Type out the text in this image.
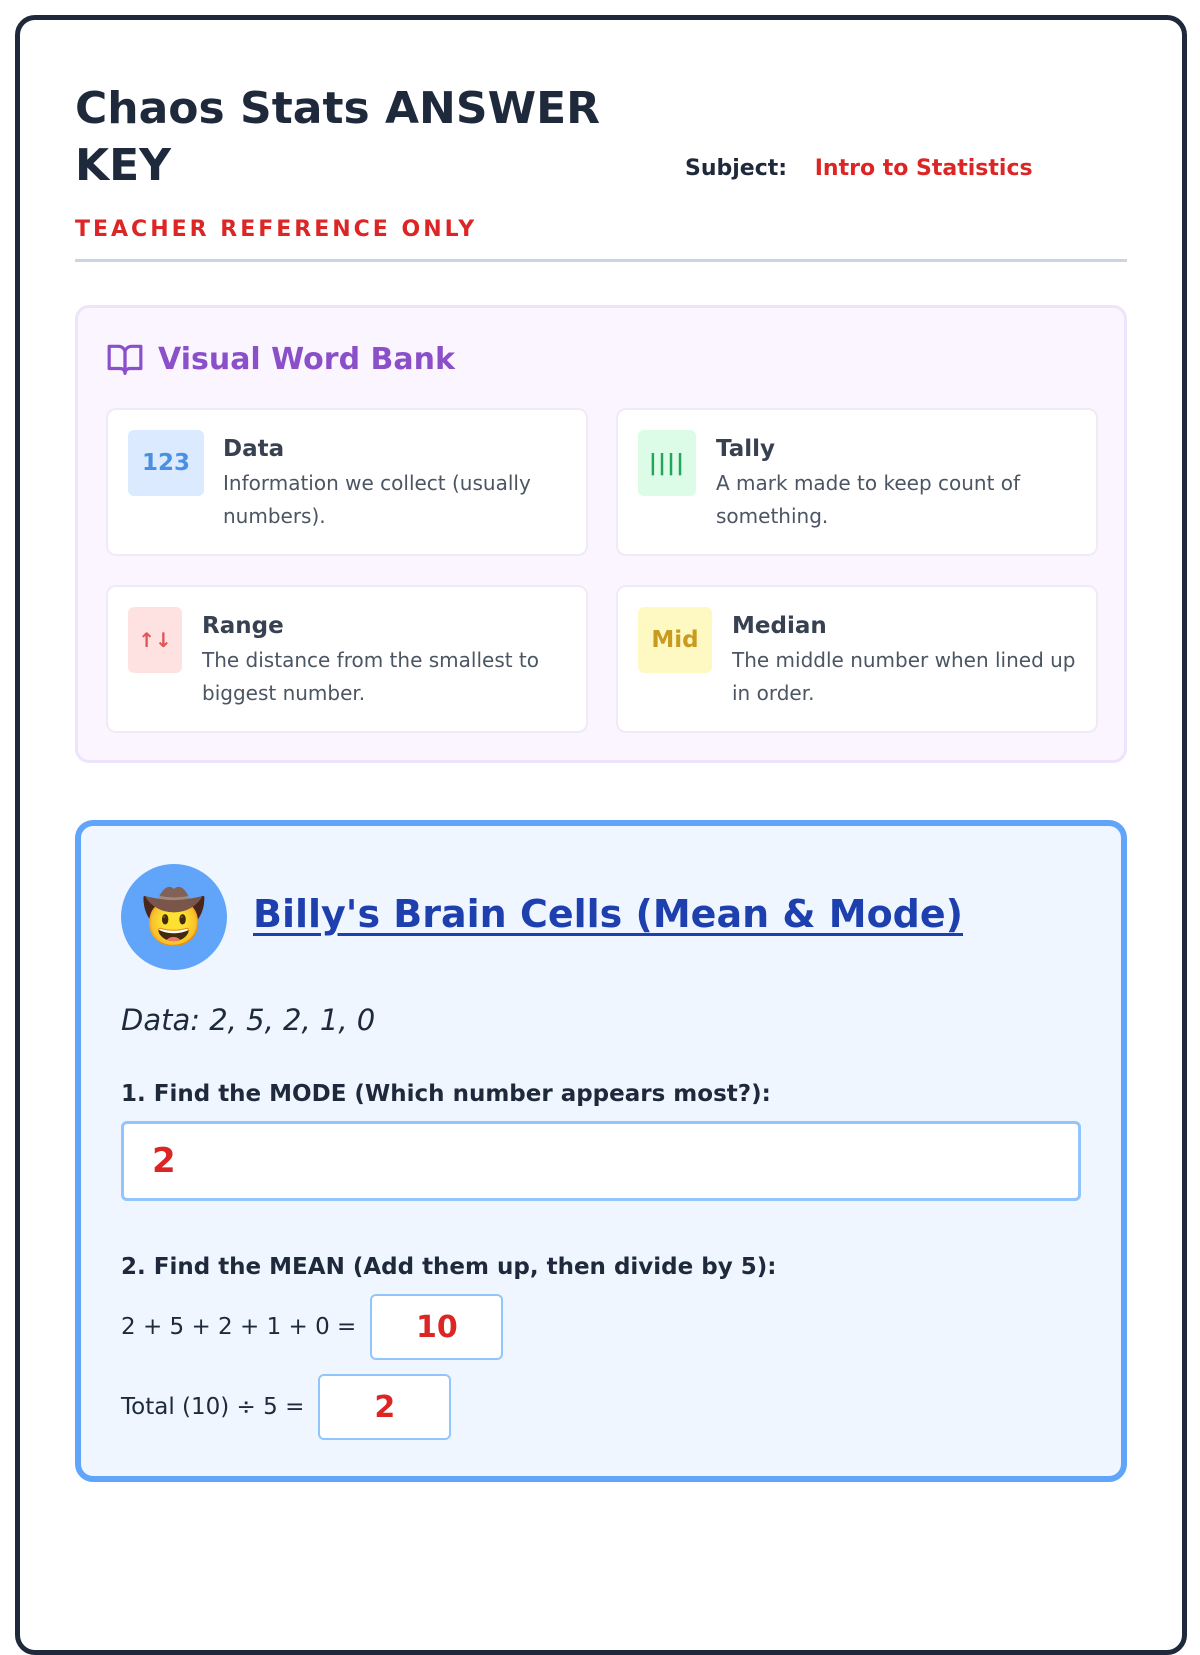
Chaos Stats ANSWER KEY
TEACHER REFERENCE ONLY
Subject: Intro to Statistics
Visual Word Bank
123
Data
Information we collect (usually numbers).
||||
Tally
A mark made to keep count of something.
↑↓
Range
The distance from the smallest to biggest number.
Mid
Median
The middle number when lined up in order.
🤠	Billy's Brain Cells (Mean & Mode)
Data: 2, 5, 2, 1, 0
1. Find the MODE (Which number appears most?):
2
2. Find the MEAN (Add them up, then divide by 5):
2 + 5 + 2 + 1 + 0 =	10
Total (10) ÷ 5 =	2
